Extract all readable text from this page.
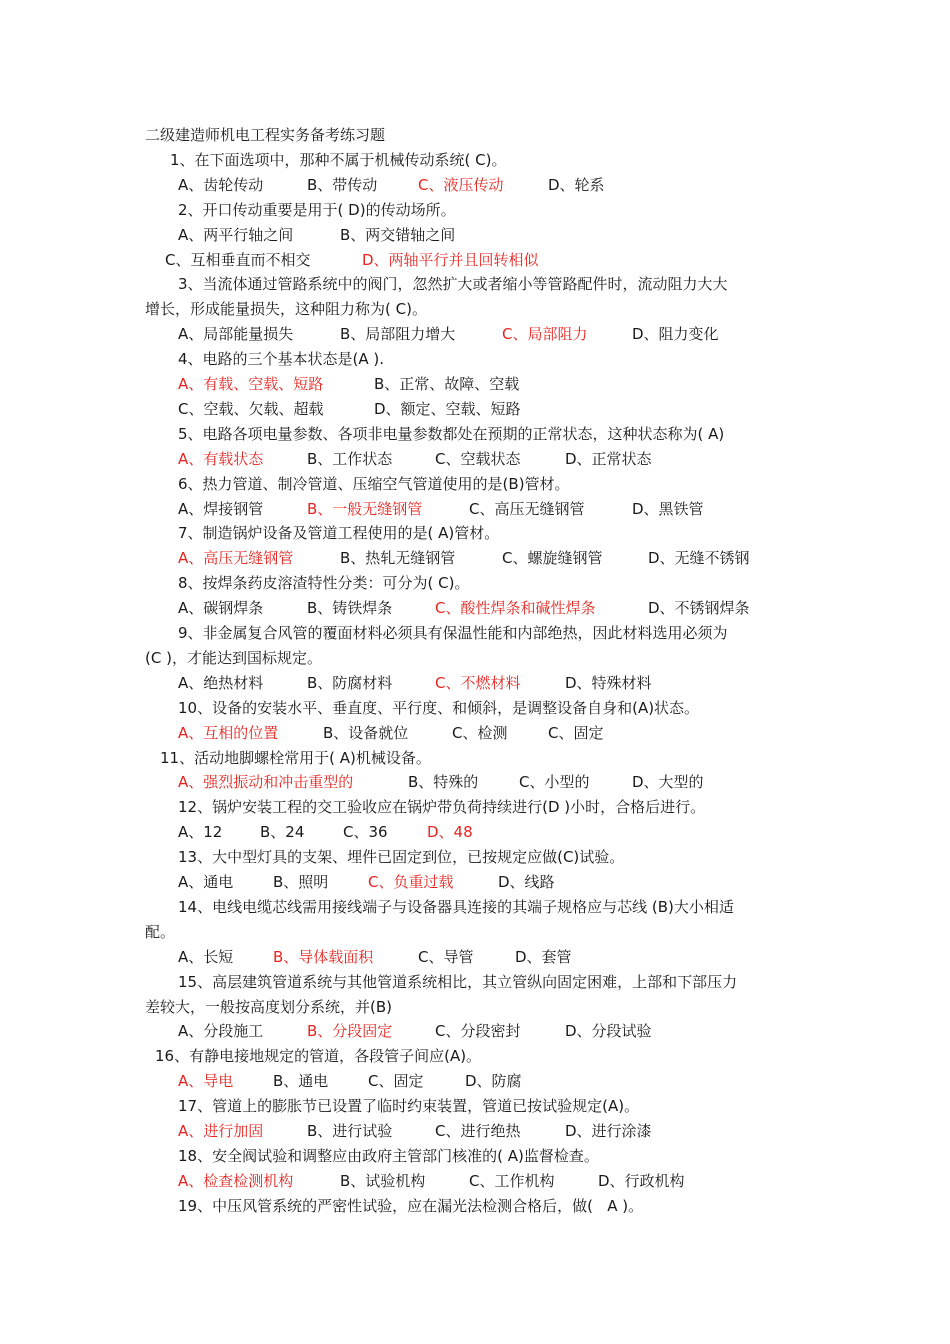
二级建造师机电工程实务备考练习题
1、在下面选项中，那种不属于机械传动系统( C)。
A、齿轮传动	B、带传动	C、液压传动	D、轮系
2、开口传动重要是用于( D)的传动场所。
A、两平行轴之间	B、两交错轴之间
C、互相垂直而不相交	D、两轴平行并且回转相似
3、当流体通过管路系统中的阀门，忽然扩大或者缩小等管路配件时，流动阻力大大
增长，形成能量损失，这种阻力称为( C)。
A、局部能量损失	B、局部阻力增大	C、局部阻力	D、阻力变化
4、电路的三个基本状态是(A ).
A、有载、空载、短路	B、正常、故障、空载
C、空载、欠载、超载	D、额定、空载、短路
5、电路各项电量参数、各项非电量参数都处在预期的正常状态，这种状态称为( A)
A、有载状态	B、工作状态	C、空载状态	D、正常状态
6、热力管道、制冷管道、压缩空气管道使用的是(B)管材。
A、焊接钢管	B、一般无缝钢管	C、高压无缝钢管	D、黑铁管
7、制造锅炉设备及管道工程使用的是( A)管材。
A、高压无缝钢管	B、热轧无缝钢管	C、螺旋缝钢管	D、无缝不锈钢
8、按焊条药皮溶渣特性分类：可分为( C)。
A、碳钢焊条	B、铸铁焊条	C、酸性焊条和碱性焊条	D、不锈钢焊条
9、非金属复合风管的覆面材料必须具有保温性能和内部绝热，因此材料选用必须为
(C )，才能达到国标规定。
A、绝热材料	B、防腐材料	C、不燃材料	D、特殊材料
10、设备的安装水平、垂直度、平行度、和倾斜，是调整设备自身和(A)状态。
A、互相的位置	B、设备就位	C、检测	C、固定
11、活动地脚螺栓常用于( A)机械设备。
A、强烈振动和冲击重型的	B、特殊的	C、小型的	D、大型的
12、锅炉安装工程的交工验收应在锅炉带负荷持续进行(D )小时，合格后进行。
A、12	B、24	C、36	D、48
13、大中型灯具的支架、埋件已固定到位，已按规定应做(C)试验。
A、通电	B、照明	C、负重过载	D、线路
14、电线电缆芯线需用接线端子与设备器具连接的其端子规格应与芯线 (B)大小相适
配。
A、长短	B、导体载面积	C、导管	D、套管
15、高层建筑管道系统与其他管道系统相比，其立管纵向固定困难，上部和下部压力
差较大，一般按高度划分系统，并(B)
A、分段施工	B、分段固定	C、分段密封	D、分段试验
16、有静电接地规定的管道，各段管子间应(A)。
A、导电	B、通电	C、固定	D、防腐
17、管道上的膨胀节已设置了临时约束装置，管道已按试验规定(A)。
A、进行加固	B、进行试验	C、进行绝热	D、进行涂漆
18、安全阀试验和调整应由政府主管部门核准的( A)监督检查。
A、检查检测机构	B、试验机构	C、工作机构	D、行政机构
19、中压风管系统的严密性试验，应在漏光法检测合格后，做(   A )。
